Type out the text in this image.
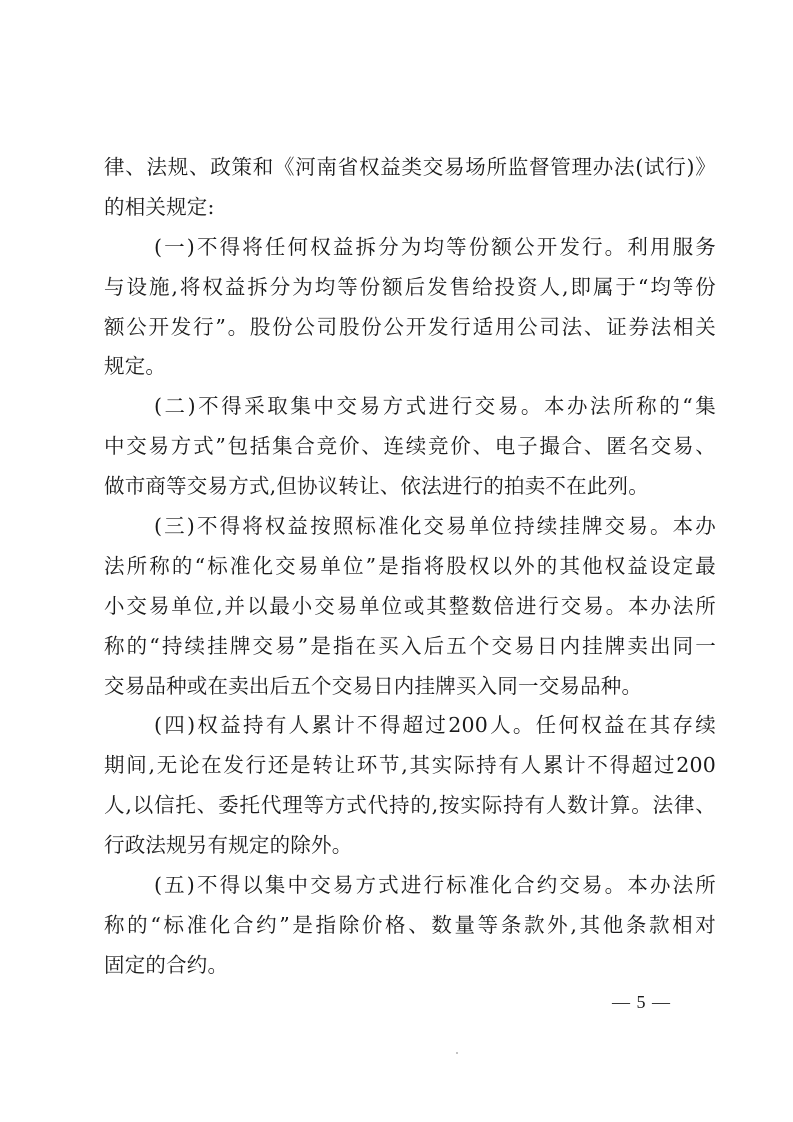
律、法规、政策和《河南省权益类交易场所监督管理办法(试行)》
的相关规定:
(一)不得将任何权益拆分为均等份额公开发行。利用服务
与设施,将权益拆分为均等份额后发售给投资人,即属于“均等份
额公开发行”。股份公司股份公开发行适用公司法、证券法相关
规定。
(二)不得采取集中交易方式进行交易。本办法所称的“集
中交易方式”包括集合竞价、连续竞价、电子撮合、匿名交易、
做市商等交易方式,但协议转让、依法进行的拍卖不在此列。
(三)不得将权益按照标准化交易单位持续挂牌交易。本办
法所称的“标准化交易单位”是指将股权以外的其他权益设定最
小交易单位,并以最小交易单位或其整数倍进行交易。本办法所
称的“持续挂牌交易”是指在买入后五个交易日内挂牌卖出同一
交易品种或在卖出后五个交易日内挂牌买入同一交易品种。
(四)权益持有人累计不得超过200人。任何权益在其存续
期间,无论在发行还是转让环节,其实际持有人累计不得超过200
人,以信托、委托代理等方式代持的,按实际持有人数计算。法律、
行政法规另有规定的除外。
(五)不得以集中交易方式进行标准化合约交易。本办法所
称的“标准化合约”是指除价格、数量等条款外,其他条款相对
固定的合约。
— 5 —
